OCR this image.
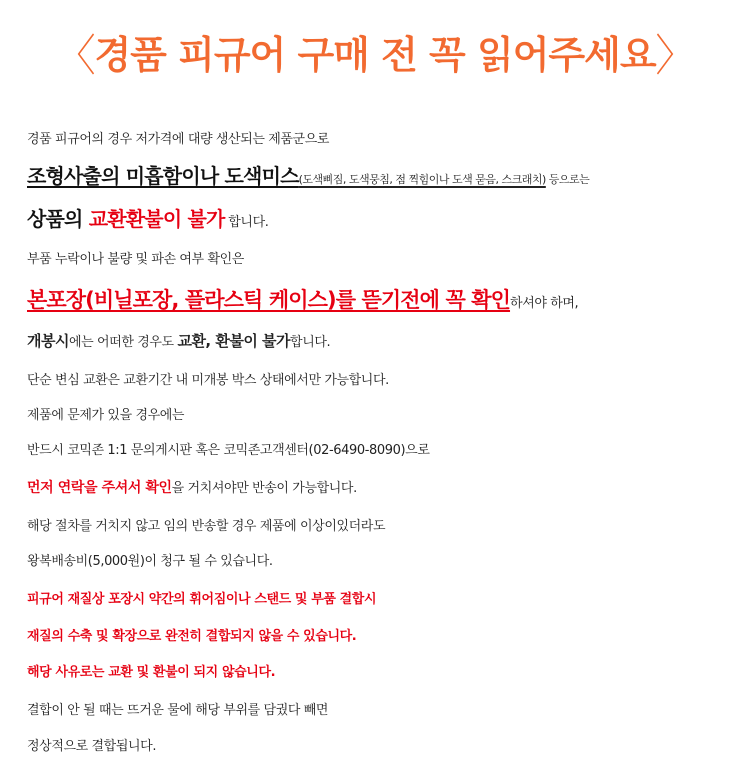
〈경품 피규어 구매 전 꼭 읽어주세요〉
경품 피규어의 경우 저가격에 대량 생산되는 제품군으로
조형사출의 미흡함이나 도색미스(도색삐짐, 도색뭉침, 점 찍힘이나 도색 묻음, 스크래치) 등으로는
상품의 교환환불이 불가 합니다.
부품 누락이나 불량 및 파손 여부 확인은
본포장(비닐포장, 플라스틱 케이스)를 뜯기전에 꼭 확인하셔야 하며,
개봉시에는 어떠한 경우도 교환, 환불이 불가합니다.
단순 변심 교환은 교환기간 내 미개봉 박스 상태에서만 가능합니다.
제품에 문제가 있을 경우에는
반드시 코믹존 1:1 문의게시판 혹은 코믹존고객센터(02-6490-8090)으로
먼저 연락을 주셔서 확인을 거치셔야만 반송이 가능합니다.
해당 절차를 거치지 않고 임의 반송할 경우 제품에 이상이있더라도
왕복배송비(5,000원)이 청구 될 수 있습니다.
피규어 재질상 포장시 약간의 휘어짐이나 스탠드 및 부품 결합시
재질의 수축 및 확장으로 완전히 결합되지 않을 수 있습니다.
해당 사유로는 교환 및 환불이 되지 않습니다.
결합이 안 될 때는 뜨거운 물에 해당 부위를 담궜다 빼면
정상적으로 결합됩니다.
